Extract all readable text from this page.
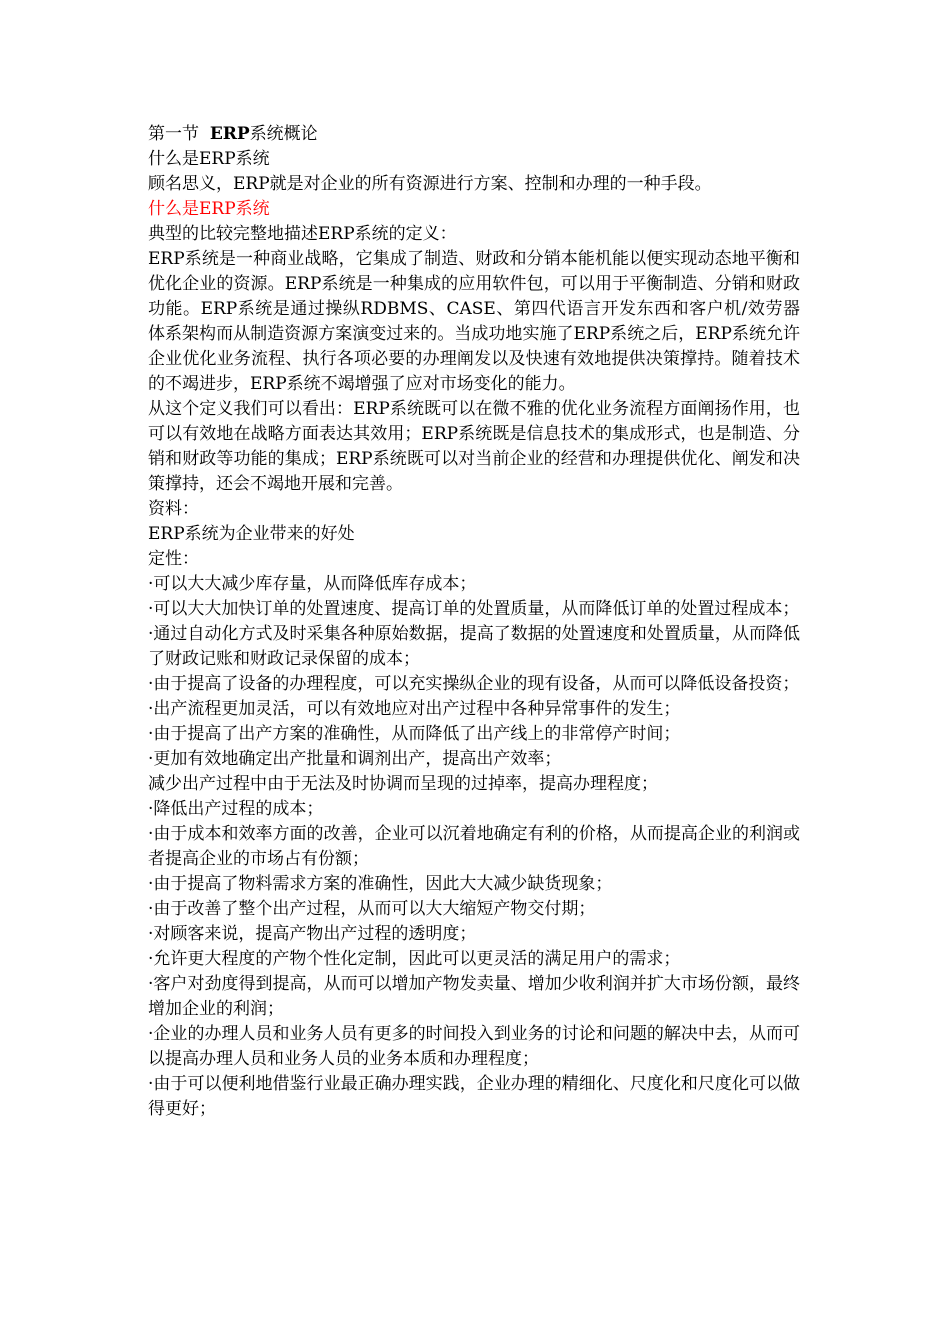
第一节 ERP系统概论

什么是ERP系统

顾名思义，ERP就是对企业的所有资源进行方案、控制和办理的一种手段。

什么是ERP系统

典型的比较完整地描述ERP系统的定义：

ERP系统是一种商业战略，它集成了制造、财政和分销本能机能以便实现动态地平衡和优化企业的资源。ERP系统是一种集成的应用软件包，可以用于平衡制造、分销和财政功能。ERP系统是通过操纵RDBMS、CASE、第四代语言开发东西和客户机/效劳器体系架构而从制造资源方案演变过来的。当成功地实施了ERP系统之后，ERP系统允许企业优化业务流程、执行各项必要的办理阐发以及快速有效地提供决策撑持。随着技术的不竭进步，ERP系统不竭增强了应对市场变化的能力。

从这个定义我们可以看出：ERP系统既可以在微不雅的优化业务流程方面阐扬作用，也可以有效地在战略方面表达其效用；ERP系统既是信息技术的集成形式，也是制造、分销和财政等功能的集成；ERP系统既可以对当前企业的经营和办理提供优化、阐发和决策撑持，还会不竭地开展和完善。

资料：

ERP系统为企业带来的好处

定性：

·可以大大减少库存量，从而降低库存成本；

·可以大大加快订单的处置速度、提高订单的处置质量，从而降低订单的处置过程成本；

·通过自动化方式及时采集各种原始数据，提高了数据的处置速度和处置质量，从而降低了财政记账和财政记录保留的成本；

·由于提高了设备的办理程度，可以充实操纵企业的现有设备，从而可以降低设备投资；

·出产流程更加灵活，可以有效地应对出产过程中各种异常事件的发生；

·由于提高了出产方案的准确性，从而降低了出产线上的非常停产时间；

·更加有效地确定出产批量和调剂出产，提高出产效率；

减少出产过程中由于无法及时协调而呈现的过掉率，提高办理程度；

·降低出产过程的成本；

·由于成本和效率方面的改善，企业可以沉着地确定有利的价格，从而提高企业的利润或者提高企业的市场占有份额；

·由于提高了物料需求方案的准确性，因此大大减少缺货现象；

·由于改善了整个出产过程，从而可以大大缩短产物交付期；

·对顾客来说，提高产物出产过程的透明度；

·允许更大程度的产物个性化定制，因此可以更灵活的满足用户的需求；

·客户对劲度得到提高，从而可以增加产物发卖量、增加少收利润并扩大市场份额，最终增加企业的利润；

·企业的办理人员和业务人员有更多的时间投入到业务的讨论和问题的解决中去，从而可以提高办理人员和业务人员的业务本质和办理程度；

·由于可以便利地借鉴行业最正确办理实践，企业办理的精细化、尺度化和尺度化可以做得更好；
